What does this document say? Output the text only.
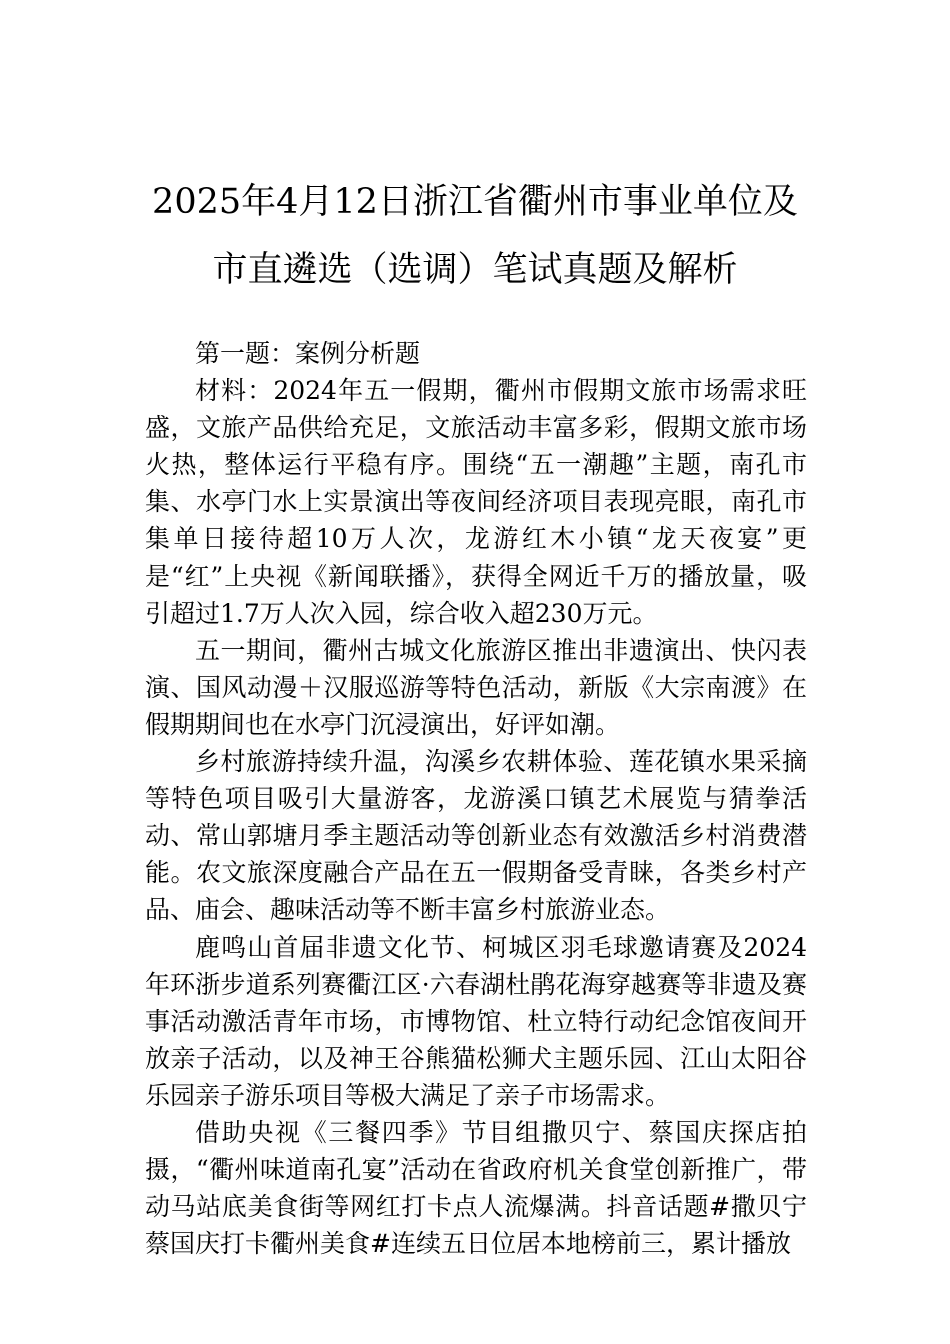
2025年4月12日浙江省衢州市事业单位及
市直遴选（选调）笔试真题及解析

第一题：案例分析题

材料：2024年五一假期，衢州市假期文旅市场需求旺盛，文旅产品供给充足，文旅活动丰富多彩，假期文旅市场火热，整体运行平稳有序。围绕“五一潮趣”主题，南孔市集、水亭门水上实景演出等夜间经济项目表现亮眼，南孔市集单日接待超10万人次，龙游红木小镇“龙天夜宴”更是“红”上央视《新闻联播》，获得全网近千万的播放量，吸引超过1.7万人次入园，综合收入超230万元。

五一期间，衢州古城文化旅游区推出非遗演出、快闪表演、国风动漫＋汉服巡游等特色活动，新版《大宗南渡》在假期期间也在水亭门沉浸演出，好评如潮。

乡村旅游持续升温，沟溪乡农耕体验、莲花镇水果采摘等特色项目吸引大量游客，龙游溪口镇艺术展览与猜拳活动、常山郭塘月季主题活动等创新业态有效激活乡村消费潜能。农文旅深度融合产品在五一假期备受青睐，各类乡村产品、庙会、趣味活动等不断丰富乡村旅游业态。

鹿鸣山首届非遗文化节、柯城区羽毛球邀请赛及2024年环浙步道系列赛衢江区·六春湖杜鹃花海穿越赛等非遗及赛事活动激活青年市场，市博物馆、杜立特行动纪念馆夜间开放亲子活动，以及神王谷熊猫松狮犬主题乐园、江山太阳谷乐园亲子游乐项目等极大满足了亲子市场需求。

借助央视《三餐四季》节目组撒贝宁、蔡国庆探店拍摄，“衢州味道南孔宴”活动在省政府机关食堂创新推广，带动马站底美食街等网红打卡点人流爆满。抖音话题#撒贝宁蔡国庆打卡衢州美食#连续五日位居本地榜前三，累计播放
